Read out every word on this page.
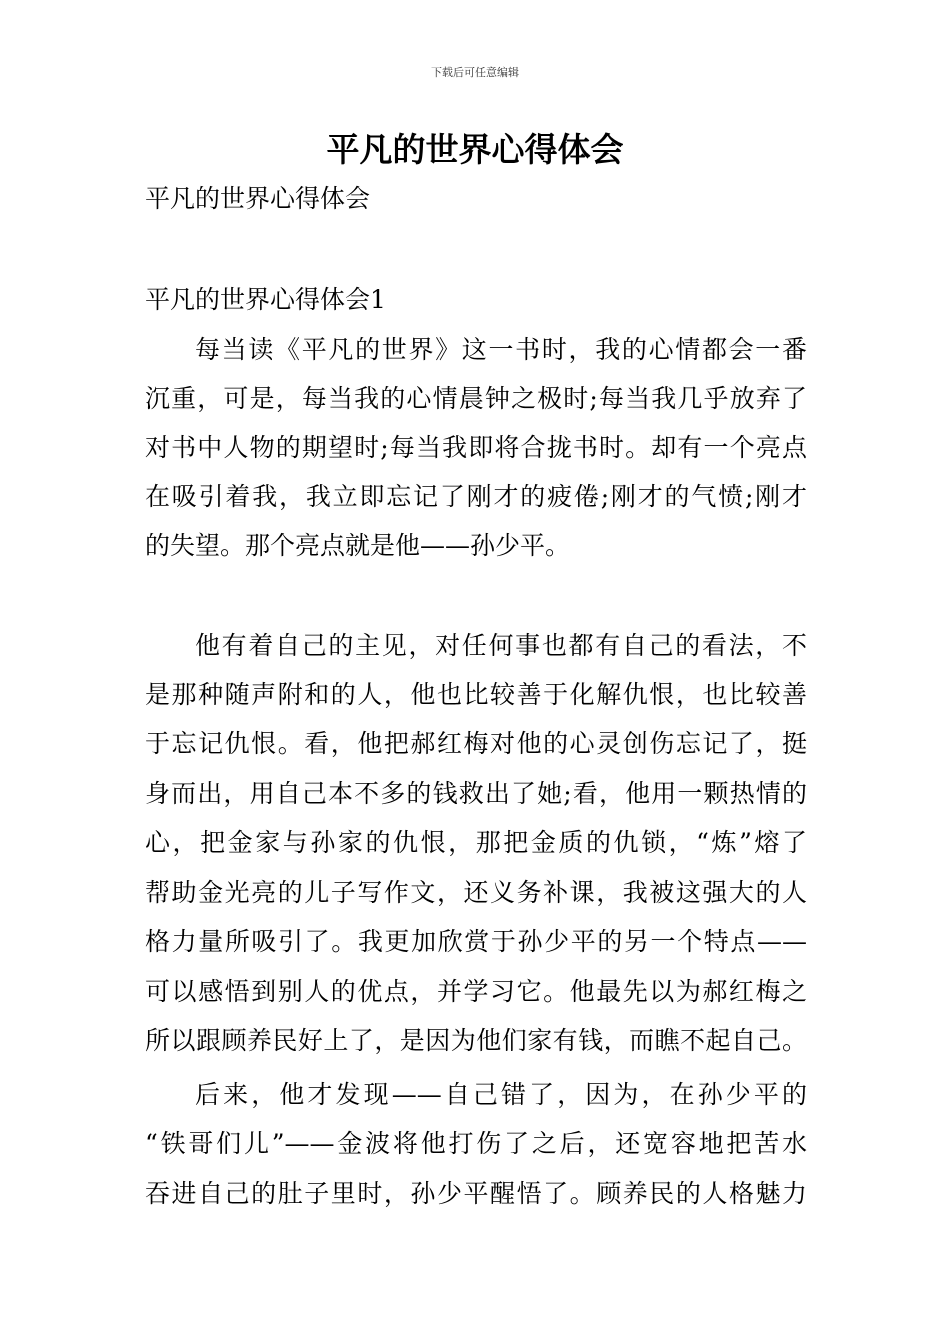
下载后可任意编辑
平凡的世界心得体会

平凡的世界心得体会

平凡的世界心得体会1

每当读《平凡的世界》这一书时，我的心情都会一番

沉重，可是，每当我的心情晨钟之极时;每当我几乎放弃了

对书中人物的期望时;每当我即将合拢书时。却有一个亮点

在吸引着我，我立即忘记了刚才的疲倦;刚才的气愤;刚才

的失望。那个亮点就是他——孙少平。

他有着自己的主见，对任何事也都有自己的看法，不

是那种随声附和的人，他也比较善于化解仇恨，也比较善

于忘记仇恨。看，他把郝红梅对他的心灵创伤忘记了，挺

身而出，用自己本不多的钱救出了她;看，他用一颗热情的

心，把金家与孙家的仇恨，那把金质的仇锁，“炼”熔了

帮助金光亮的儿子写作文，还义务补课，我被这强大的人

格力量所吸引了。我更加欣赏于孙少平的另一个特点——

可以感悟到别人的优点，并学习它。他最先以为郝红梅之

所以跟顾养民好上了，是因为他们家有钱，而瞧不起自己。

后来，他才发现——自己错了，因为，在孙少平的

“铁哥们儿”——金波将他打伤了之后，还宽容地把苦水

吞进自己的肚子里时，孙少平醒悟了。顾养民的人格魅力
